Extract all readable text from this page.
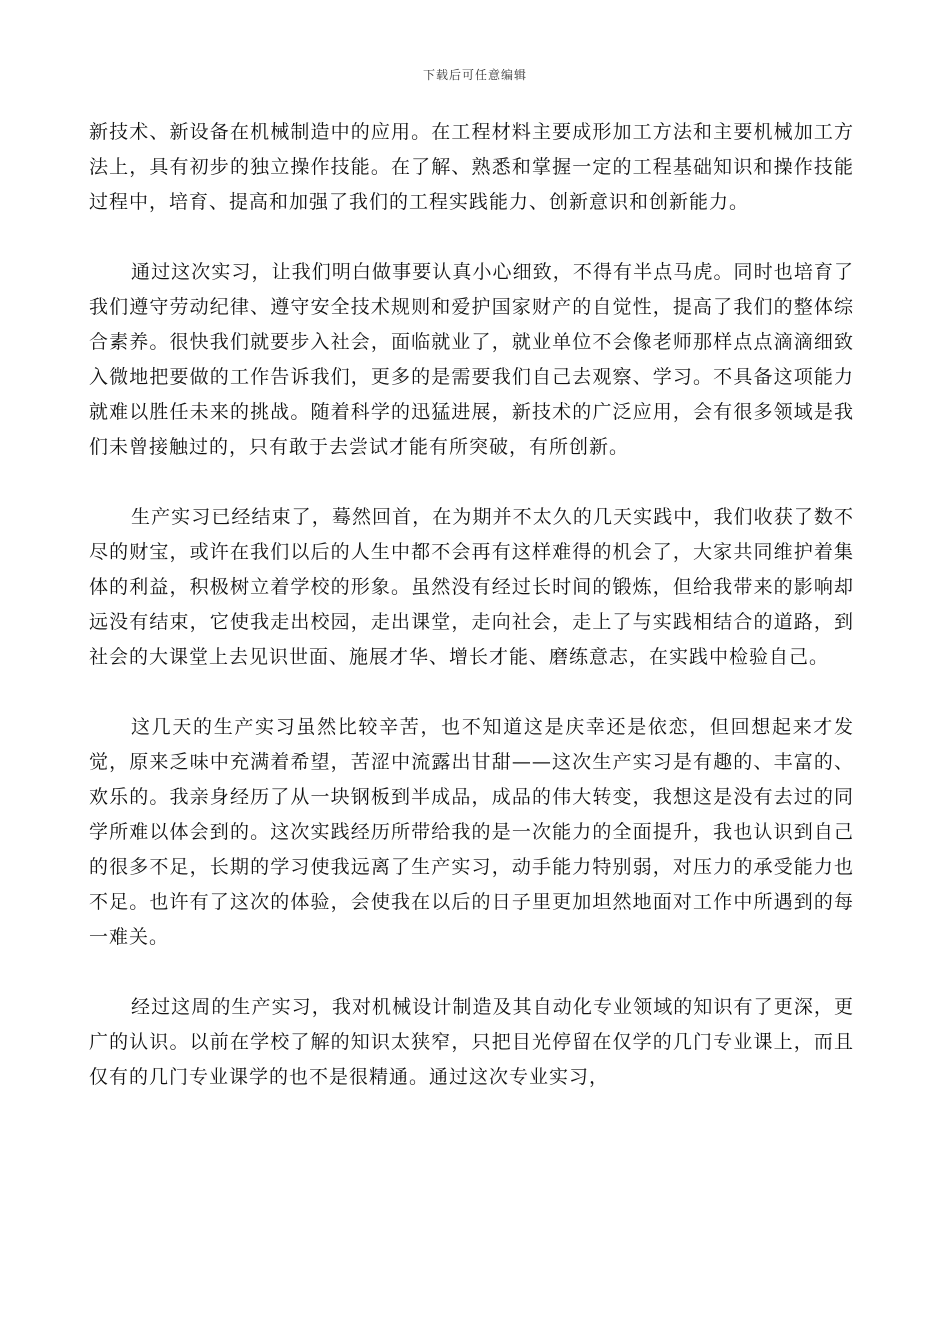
下载后可任意编辑

新技术、新设备在机械制造中的应用。在工程材料主要成形加工方法和主要机械加工方法上，具有初步的独立操作技能。在了解、熟悉和掌握一定的工程基础知识和操作技能过程中，培育、提高和加强了我们的工程实践能力、创新意识和创新能力。

通过这次实习，让我们明白做事要认真小心细致，不得有半点马虎。同时也培育了我们遵守劳动纪律、遵守安全技术规则和爱护国家财产的自觉性，提高了我们的整体综合素养。很快我们就要步入社会，面临就业了，就业单位不会像老师那样点点滴滴细致入微地把要做的工作告诉我们，更多的是需要我们自己去观察、学习。不具备这项能力就难以胜任未来的挑战。随着科学的迅猛进展，新技术的广泛应用，会有很多领域是我们未曾接触过的，只有敢于去尝试才能有所突破，有所创新。

生产实习已经结束了，蓦然回首，在为期并不太久的几天实践中，我们收获了数不尽的财宝，或许在我们以后的人生中都不会再有这样难得的机会了，大家共同维护着集体的利益，积极树立着学校的形象。虽然没有经过长时间的锻炼，但给我带来的影响却远没有结束，它使我走出校园，走出课堂，走向社会，走上了与实践相结合的道路，到社会的大课堂上去见识世面、施展才华、增长才能、磨练意志，在实践中检验自己。

这几天的生产实习虽然比较辛苦，也不知道这是庆幸还是依恋，但回想起来才发觉，原来乏味中充满着希望，苦涩中流露出甘甜——这次生产实习是有趣的、丰富的、欢乐的。我亲身经历了从一块钢板到半成品，成品的伟大转变，我想这是没有去过的同学所难以体会到的。这次实践经历所带给我的是一次能力的全面提升，我也认识到自己的很多不足，长期的学习使我远离了生产实习，动手能力特别弱，对压力的承受能力也不足。也许有了这次的体验，会使我在以后的日子里更加坦然地面对工作中所遇到的每一难关。

经过这周的生产实习，我对机械设计制造及其自动化专业领域的知识有了更深，更广的认识。以前在学校了解的知识太狭窄，只把目光停留在仅学的几门专业课上，而且仅有的几门专业课学的也不是很精通。通过这次专业实习，
